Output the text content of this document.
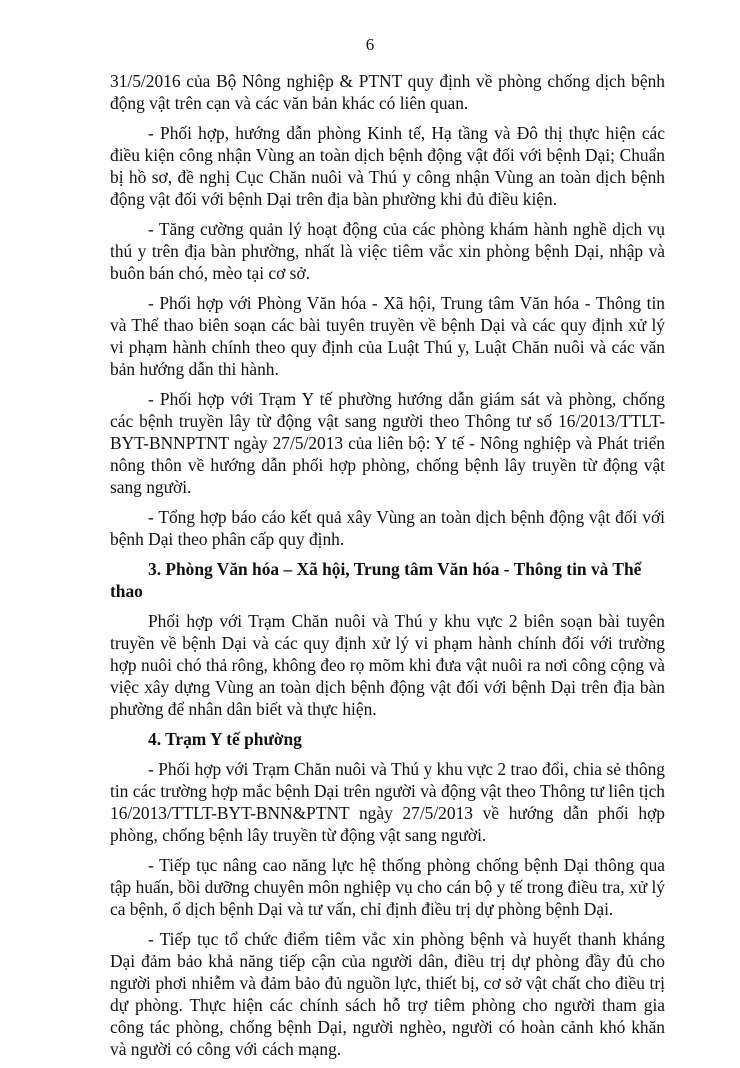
6

31/5/2016 của Bộ Nông nghiệp & PTNT quy định về phòng chống dịch bệnh động vật trên cạn và các văn bản khác có liên quan.

- Phối hợp, hướng dẫn phòng Kinh tế, Hạ tầng và Đô thị thực hiện các điều kiện công nhận Vùng an toàn dịch bệnh động vật đối với bệnh Dại; Chuẩn bị hồ sơ, đề nghị Cục Chăn nuôi và Thú y công nhận Vùng an toàn dịch bệnh động vật đối với bệnh Dại trên địa bàn phường khi đủ điều kiện.

- Tăng cường quản lý hoạt động của các phòng khám hành nghề dịch vụ thú y trên địa bàn phường, nhất là việc tiêm vắc xin phòng bệnh Dại, nhập và buôn bán chó, mèo tại cơ sở.

- Phối hợp với Phòng Văn hóa - Xã hội, Trung tâm Văn hóa - Thông tin và Thể thao biên soạn các bài tuyên truyền về bệnh Dại và các quy định xử lý vi phạm hành chính theo quy định của Luật Thú y, Luật Chăn nuôi và các văn bản hướng dẫn thi hành.

- Phối hợp với Trạm Y tế phường hướng dẫn giám sát và phòng, chống các bệnh truyền lây từ động vật sang người theo Thông tư số 16/2013/TTLT-BYT-BNNPTNT ngày 27/5/2013 của liên bộ: Y tế - Nông nghiệp và Phát triển nông thôn về hướng dẫn phối hợp phòng, chống bệnh lây truyền từ động vật sang người.

- Tổng hợp báo cáo kết quả xây Vùng an toàn dịch bệnh động vật đối với bệnh Dại theo phân cấp quy định.

3. Phòng Văn hóa – Xã hội, Trung tâm Văn hóa - Thông tin và Thể thao

Phối hợp với Trạm Chăn nuôi và Thú y khu vực 2 biên soạn bài tuyên truyền về bệnh Dại và các quy định xử lý vi phạm hành chính đối với trường hợp nuôi chó thả rông, không đeo rọ mõm khi đưa vật nuôi ra nơi công cộng và việc xây dựng Vùng an toàn dịch bệnh động vật đối với bệnh Dại trên địa bàn phường để nhân dân biết và thực hiện.

4. Trạm Y tế phường

- Phối hợp với Trạm Chăn nuôi và Thú y khu vực 2 trao đổi, chia sẻ thông tin các trường hợp mắc bệnh Dại trên người và động vật theo Thông tư liên tịch 16/2013/TTLT-BYT-BNN&PTNT ngày 27/5/2013 về hướng dẫn phối hợp phòng, chống bệnh lây truyền từ động vật sang người.

- Tiếp tục nâng cao năng lực hệ thống phòng chống bệnh Dại thông qua tập huấn, bồi dưỡng chuyên môn nghiệp vụ cho cán bộ y tế trong điều tra, xử lý ca bệnh, ổ dịch bệnh Dại và tư vấn, chỉ định điều trị dự phòng bệnh Dại.

- Tiếp tục tổ chức điểm tiêm vắc xin phòng bệnh và huyết thanh kháng Dại đảm bảo khả năng tiếp cận của người dân, điều trị dự phòng đầy đủ cho người phơi nhiễm và đảm bảo đủ nguồn lực, thiết bị, cơ sở vật chất cho điều trị dự phòng. Thực hiện các chính sách hỗ trợ tiêm phòng cho người tham gia công tác phòng, chống bệnh Dại, người nghèo, người có hoàn cảnh khó khăn và người có công với cách mạng.
